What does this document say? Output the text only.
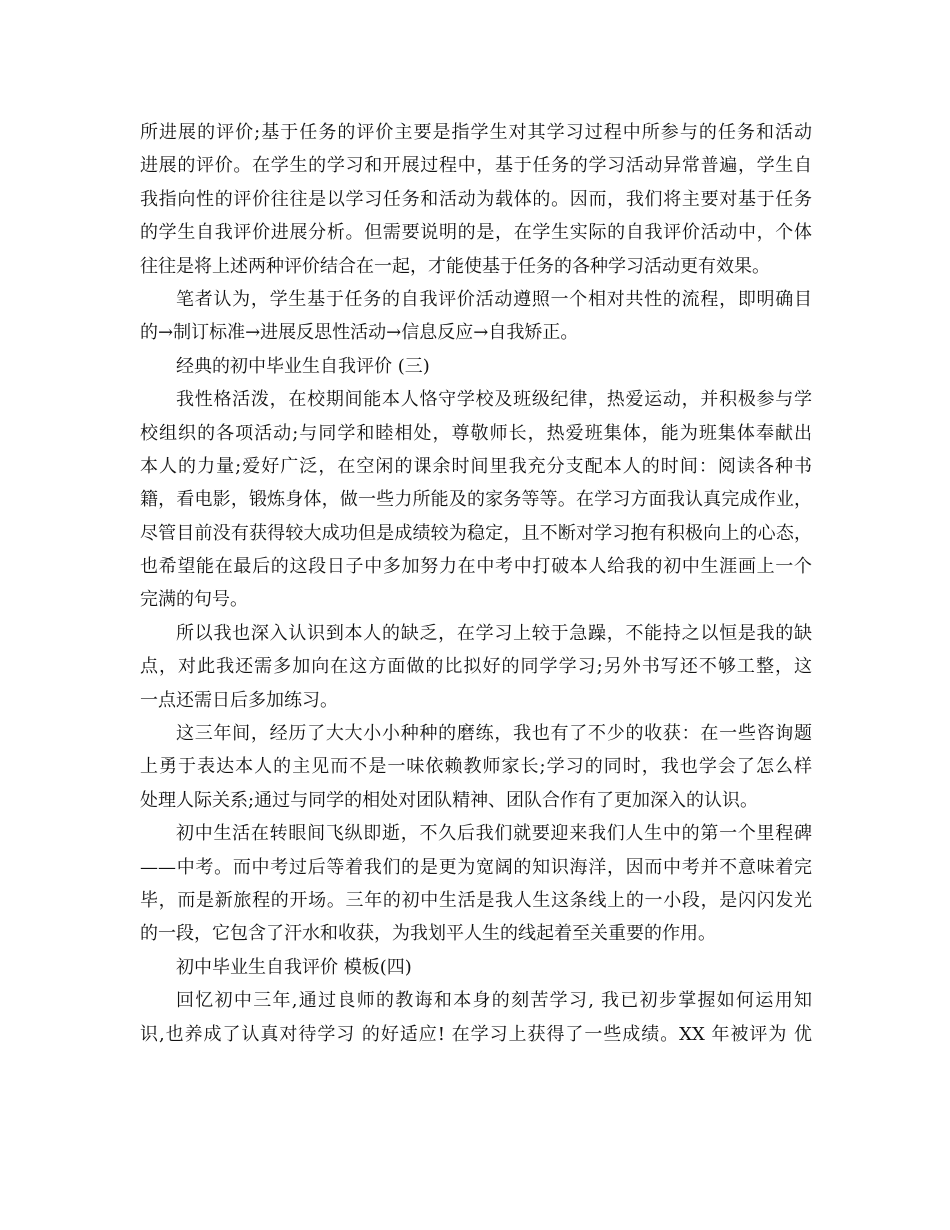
所进展的评价;基于任务的评价主要是指学生对其学习过程中所参与的任务和活动
进展的评价。在学生的学习和开展过程中，基于任务的学习活动异常普遍，学生自
我指向性的评价往往是以学习任务和活动为载体的。因而，我们将主要对基于任务
的学生自我评价进展分析。但需要说明的是，在学生实际的自我评价活动中，个体
往往是将上述两种评价结合在一起，才能使基于任务的各种学习活动更有效果。
笔者认为，学生基于任务的自我评价活动遵照一个相对共性的流程，即明确目
的→制订标准→进展反思性活动→信息反应→自我矫正。
经典的初中毕业生自我评价 (三)
我性格活泼，在校期间能本人恪守学校及班级纪律，热爱运动，并积极参与学
校组织的各项活动;与同学和睦相处，尊敬师长，热爱班集体，能为班集体奉献出
本人的力量;爱好广泛，在空闲的课余时间里我充分支配本人的时间：阅读各种书
籍，看电影，锻炼身体，做一些力所能及的家务等等。在学习方面我认真完成作业，
尽管目前没有获得较大成功但是成绩较为稳定，且不断对学习抱有积极向上的心态，
也希望能在最后的这段日子中多加努力在中考中打破本人给我的初中生涯画上一个
完满的句号。
所以我也深入认识到本人的缺乏，在学习上较于急躁，不能持之以恒是我的缺
点，对此我还需多加向在这方面做的比拟好的同学学习;另外书写还不够工整，这
一点还需日后多加练习。
这三年间，经历了大大小小种种的磨练，我也有了不少的收获：在一些咨询题
上勇于表达本人的主见而不是一味依赖教师家长;学习的同时，我也学会了怎么样
处理人际关系;通过与同学的相处对团队精神、团队合作有了更加深入的认识。
初中生活在转眼间飞纵即逝，不久后我们就要迎来我们人生中的第一个里程碑
——中考。而中考过后等着我们的是更为宽阔的知识海洋，因而中考并不意味着完
毕，而是新旅程的开场。三年的初中生活是我人生这条线上的一小段，是闪闪发光
的一段，它包含了汗水和收获，为我划平人生的线起着至关重要的作用。
初中毕业生自我评价 模板(四)
回忆初中三年,通过良师的教诲和本身的刻苦学习, 我已初步掌握如何运用知
识,也养成了认真对待学习 的好适应! 在学习上获得了一些成绩。XX 年被评为 优
